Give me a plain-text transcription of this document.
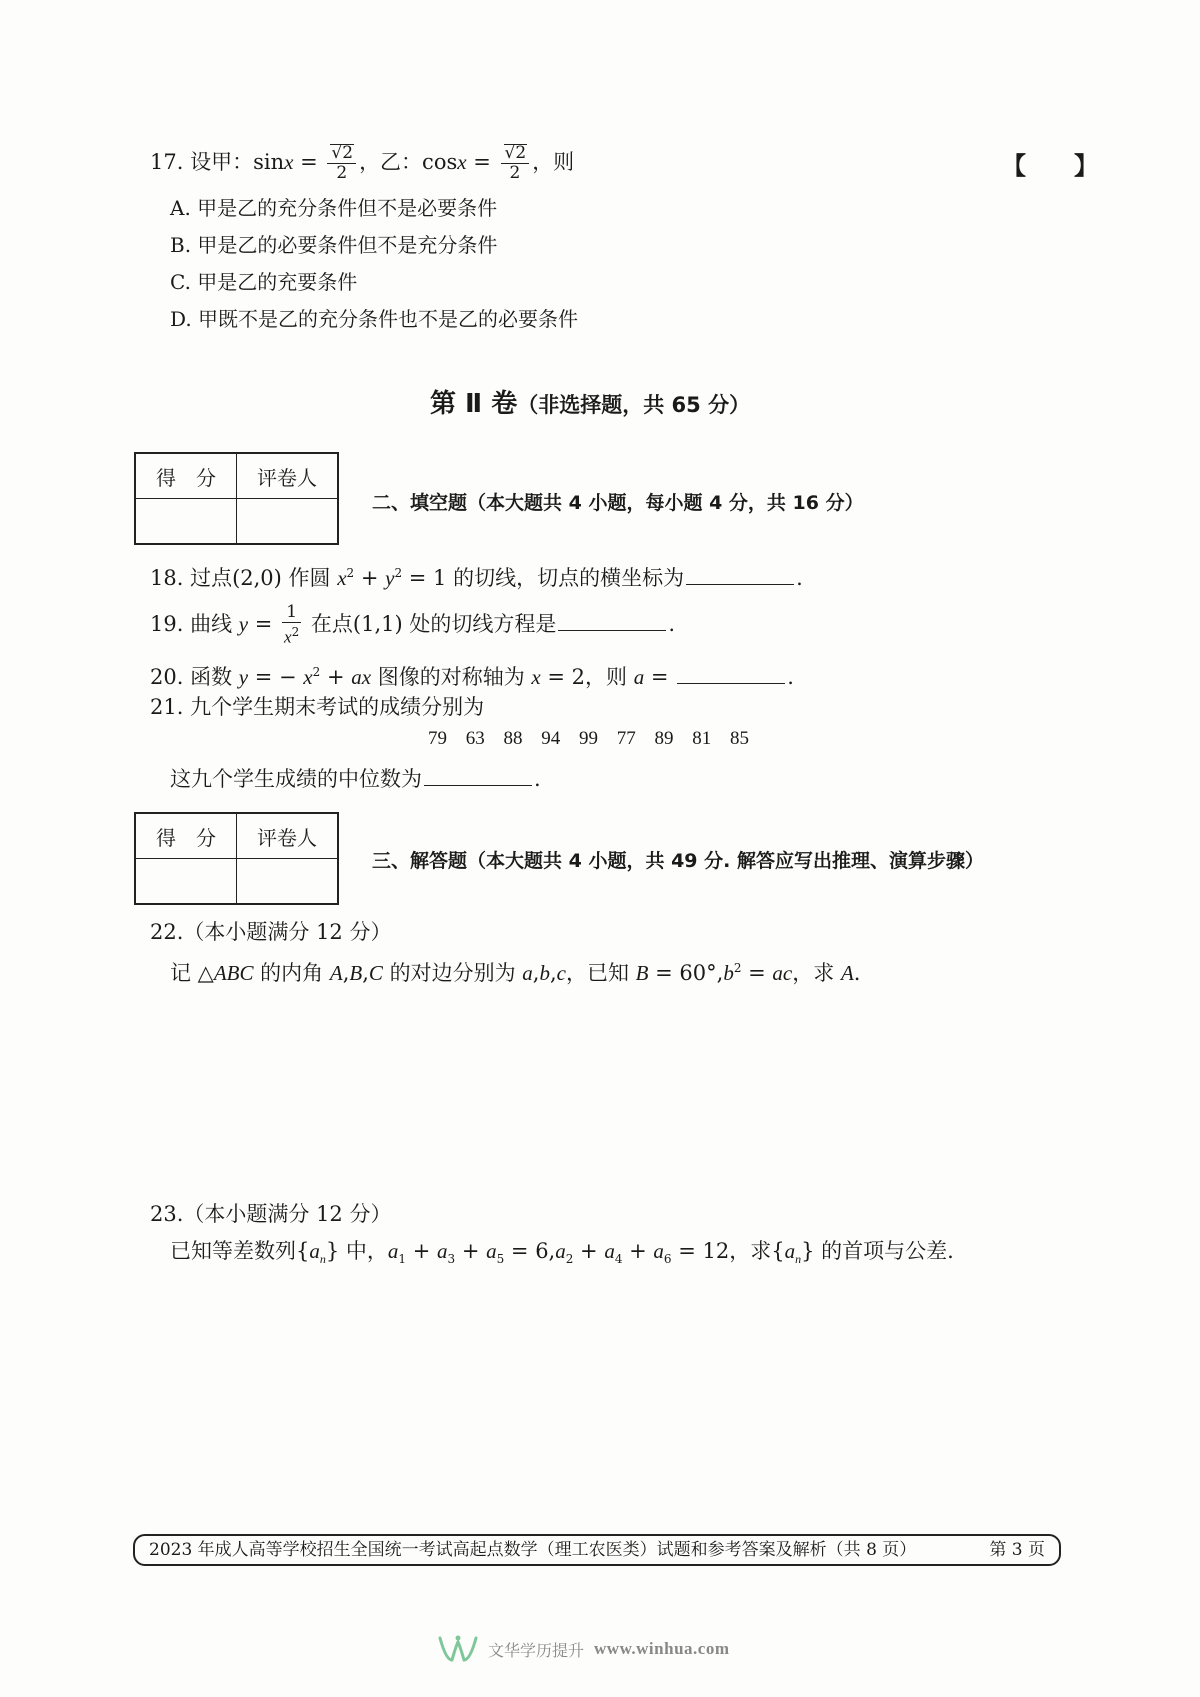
17. 设甲：$\sin x = \frac{√2}{2}$ ，乙：$\cos x = \frac{√2}{2}$ ，则	【　　】
A. 甲是乙的充分条件但不是必要条件
B. 甲是乙的必要条件但不是充分条件
C. 甲是乙的充要条件
D. 甲既不是乙的充分条件也不是乙的必要条件
第 Ⅱ 卷（非选择题，共 65 分）
得　分	评卷人

二、填空题（本大题共 4 小题，每小题 4 分，共 16 分）
18. 过点(2,0) 作圆 $x^2 + y^2 = 1$ 的切线，切点的横坐标为	.
19. 曲线 $y = \frac{1}{x^2}$ 在点(1,1) 处的切线方程是	.
20. 函数 y = − $x^2$ + ax 图像的对称轴为 x = 2，则 a =	.
21. 九个学生期末考试的成绩分别为
79 63 88 94 99 77 89 81 85
这九个学生成绩的中位数为	.
得　分	评卷人

三、解答题（本大题共 4 小题，共 49 分. 解答应写出推理、演算步骤）
22.（本小题满分 12 分）
记 △ABC 的内角 A,B,C 的对边分别为 a,b,c，已知 $B = 60^\circ,b^2$ = ac，求 A.
23.（本小题满分 12 分）
已知等差数列$\{a_n\}$ 中，$a_1 + a_3 + a_5 = 6,a_2 + a_4 + a_6 = 12$，求$\{a_n\}$ 的首项与公差.
2023 年成人高等学校招生全国统一考试高起点数学（理工农医类）试题和参考答案及解析（共 8 页）	第 3 页
文华学历提升 www.winhua.com
